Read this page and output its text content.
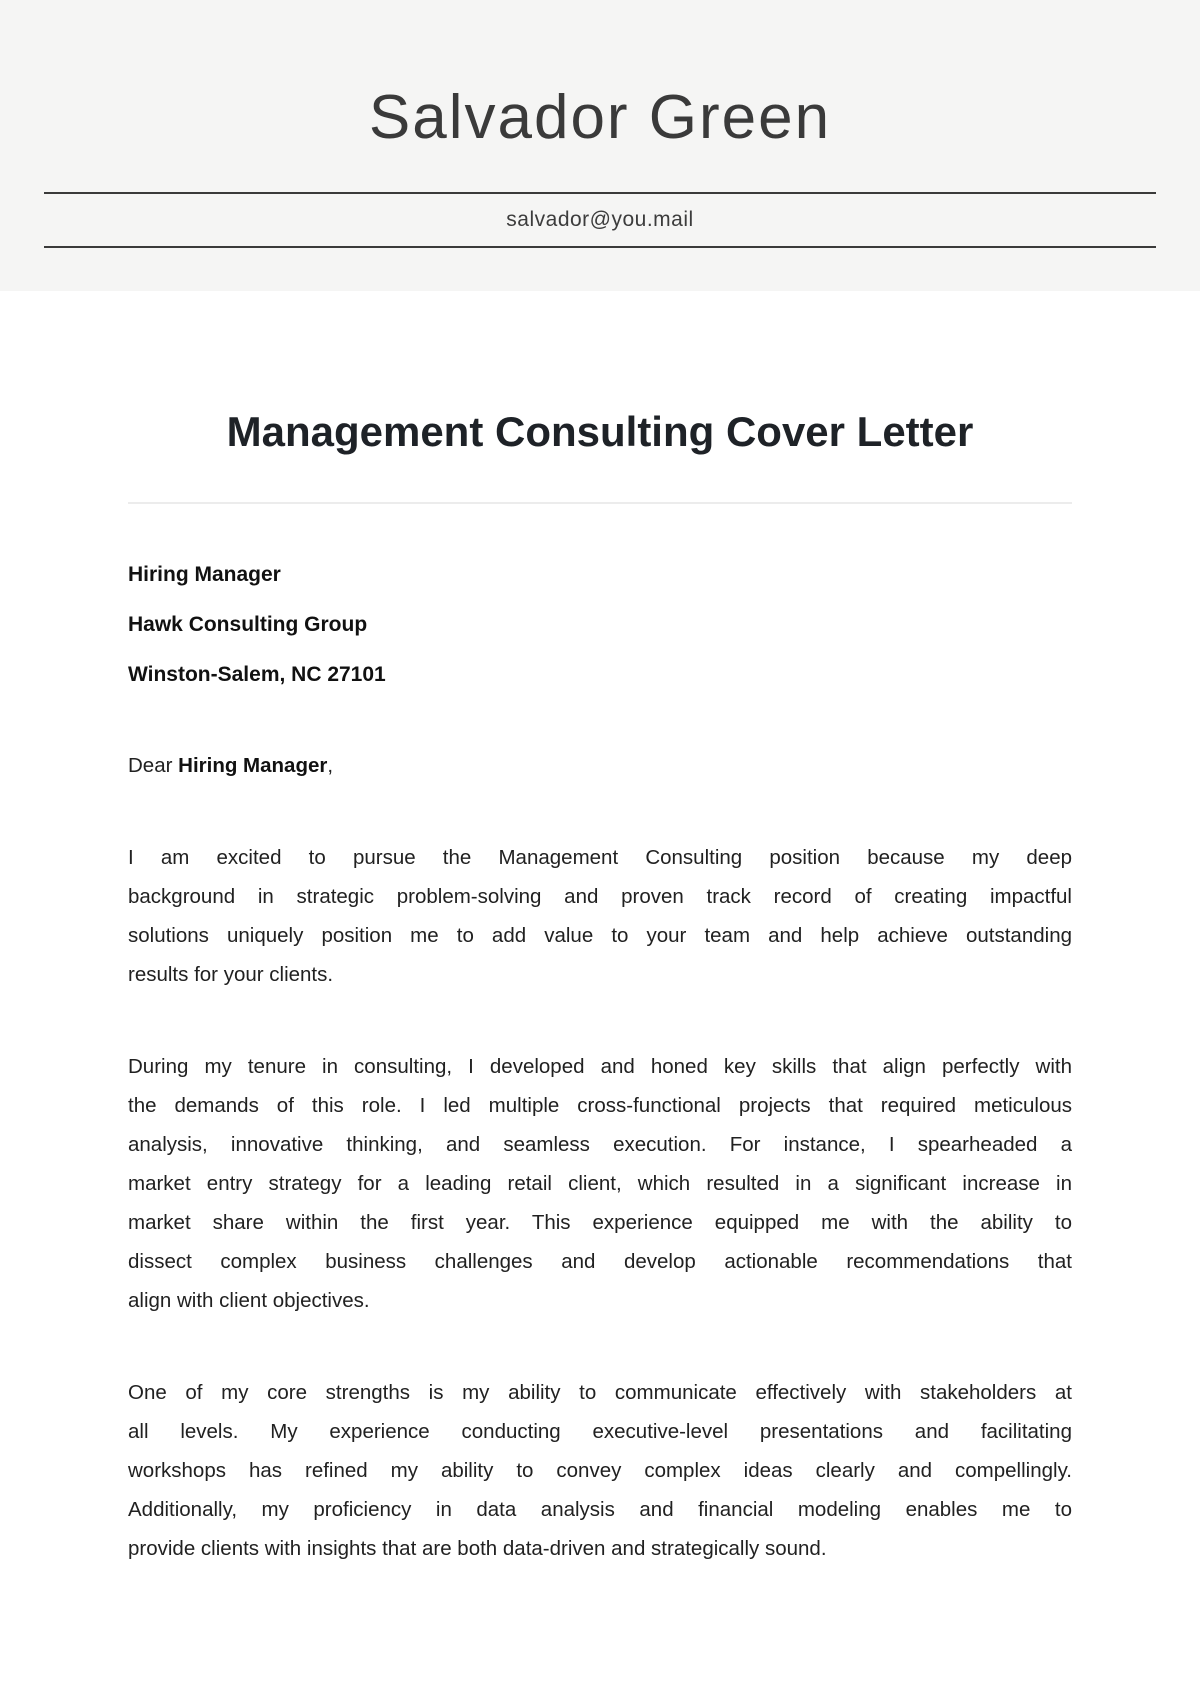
Salvador Green
salvador@you.mail
Management Consulting Cover Letter

Hiring Manager

Hawk Consulting Group

Winston-Salem, NC 27101

Dear Hiring Manager,

I am excited to pursue the Management Consulting position because my deep
background in strategic problem-solving and proven track record of creating impactful
solutions uniquely position me to add value to your team and help achieve outstanding
results for your clients.
During my tenure in consulting, I developed and honed key skills that align perfectly with
the demands of this role. I led multiple cross-functional projects that required meticulous
analysis, innovative thinking, and seamless execution. For instance, I spearheaded a
market entry strategy for a leading retail client, which resulted in a significant increase in
market share within the first year. This experience equipped me with the ability to
dissect complex business challenges and develop actionable recommendations that
align with client objectives.
One of my core strengths is my ability to communicate effectively with stakeholders at
all levels. My experience conducting executive-level presentations and facilitating
workshops has refined my ability to convey complex ideas clearly and compellingly.
Additionally, my proficiency in data analysis and financial modeling enables me to
provide clients with insights that are both data-driven and strategically sound.
